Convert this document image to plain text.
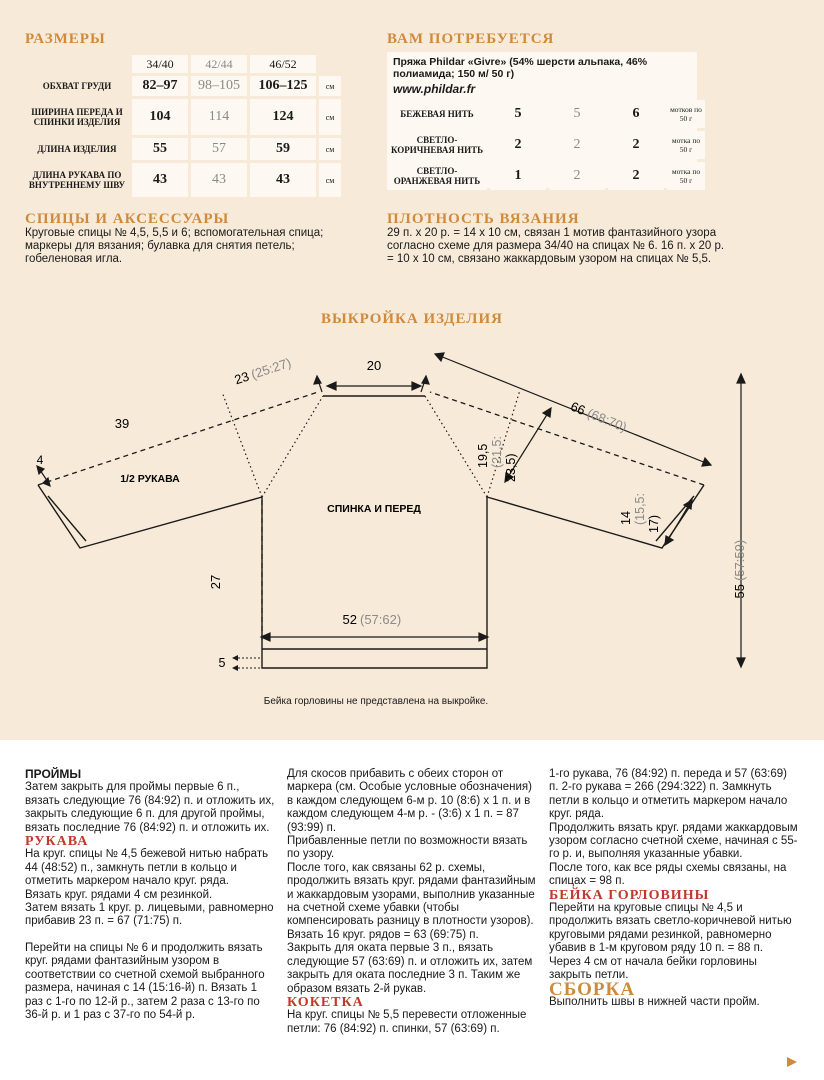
РАЗМЕРЫ
	34/40	42/44	46/52	
ОБХВАТ ГРУДИ	82–97	98–105	106–125	см
ШИРИНА ПЕРЕДА И СПИНКИ ИЗДЕЛИЯ	104	114	124	см
ДЛИНА ИЗДЕЛИЯ	55	57	59	см
ДЛИНА РУКАВА ПО ВНУТРЕННЕМУ ШВУ	43	43	43	см
ВАМ ПОТРЕБУЕТСЯ
Пряжа Phildar «Givre» (54% шерсти альпака, 46% полиамида; 150 м/ 50 г)
www.phildar.fr
БЕЖЕВАЯ НИТЬ	5	5	6	мотков по 50 г
СВЕТЛО-КОРИЧНЕВАЯ НИТЬ	2	2	2	мотка по 50 г
СВЕТЛО-ОРАНЖЕВАЯ НИТЬ	1	2	2	мотка по 50 г
СПИЦЫ И АКСЕССУАРЫ
Круговые спицы № 4,5, 5,5 и 6; вспомогательная спица; маркеры для вязания; булавка для снятия петель; гобеленовая игла.
ПЛОТНОСТЬ ВЯЗАНИЯ
29 п. х 20 р. = 14 х 10 см, связан 1 мотив фантазийного узора согласно схеме для размера 34/40 на спицах № 6. 16 п. х 20 р. = 10 х 10 см, связано жаккардовым узором на спицах № 5,5.
ВЫКРОЙКА ИЗДЕЛИЯ
1/2 РУКАВА
СПИНКА И ПЕРЕД
39
4
23
(25:27)	20
19,5 (21,5: 23,5)
66
(68:70)
14 (15,5: 17)
27
52 (57:62)
5
55
(57:59)
Бейка горловины не представлена на выкройке.

ПРОЙМЫ

Затем закрыть для проймы первые 6 п., вязать следующие 76 (84:92) п. и отложить их, закрыть следующие 6 п. для другой проймы, вязать последние 76 (84:92) п. и отложить их.

РУКАВА

На круг. спицы № 4,5 бежевой нитью набрать 44 (48:52) п., замкнуть петли в кольцо и отметить маркером начало круг. ряда.

Вязать круг. рядами 4 см резинкой.

Затем вязать 1 круг. р. лицевыми, равномерно прибавив 23 п. = 67 (71:75) п.

Перейти на спицы № 6 и продолжить вязать круг. рядами фантазийным узором в соответствии со счетной схемой выбранного размера, начиная с 14 (15:16-й) п. Вязать 1 раз с 1-го по 12-й р., затем 2 раза с 13-го по 36-й р. и 1 раз с 37-го по 54-й р.

Для скосов прибавить с обеих сторон от маркера (см. Особые условные обозначения) в каждом следующем 6-м р. 10 (8:6) х 1 п. и в каждом следующем 4-м р. - (3:6) х 1 п. = 87 (93:99) п.

Прибавленные петли по возможности вязать по узору.

После того, как связаны 62 р. схемы, продолжить вязать круг. рядами фантазийным и жаккардовым узорами, выполнив указанные на счетной схеме убавки (чтобы компенсировать разницу в плотности узоров).

Вязать 16 круг. рядов = 63 (69:75) п.

Закрыть для оката первые 3 п., вязать следующие 57 (63:69) п. и отложить их, затем закрыть для оката последние 3 п. Таким же образом вязать 2-й рукав.

КОКЕТКА

На круг. спицы № 5,5 перевести отложенные петли: 76 (84:92) п. спинки, 57 (63:69) п.

1-го рукава, 76 (84:92) п. переда и 57 (63:69) п. 2-го рукава = 266 (294:322) п. Замкнуть петли в кольцо и отметить маркером начало круг. ряда.

Продолжить вязать круг. рядами жаккардовым узором согласно счетной схеме, начиная с 55-го р. и, выполняя указанные убавки.

После того, как все ряды схемы связаны, на спицах = 98 п.

БЕЙКА ГОРЛОВИНЫ

Перейти на круговые спицы № 4,5 и продолжить вязать светло-коричневой нитью круговыми рядами резинкой, равномерно убавив в 1-м круговом ряду 10 п. = 88 п.

Через 4 см от начала бейки горловины закрыть петли.

СБОРКА

Выполнить швы в нижней части пройм.
